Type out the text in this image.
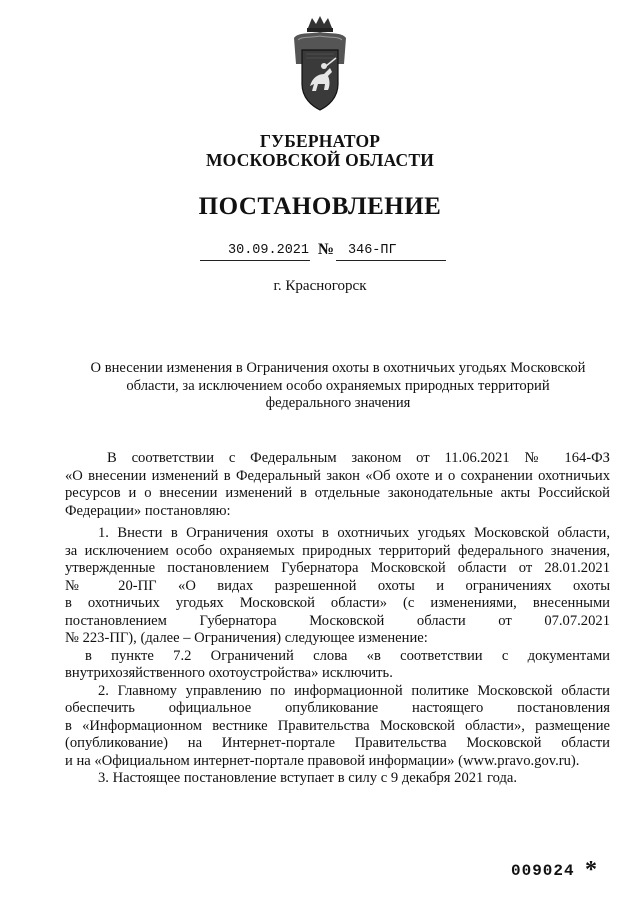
ГУБЕРНАТОР
МОСКОВСКОЙ ОБЛАСТИ
ПОСТАНОВЛЕНИЕ
30.09.2021 № 346-ПГ
г. Красногорск
О внесении изменения в Ограничения охоты в охотничьих угодьях Московской
области, за исключением особо охраняемых природных территорий
федерального значения
В соответствии с Федеральным законом от 11.06.2021 № 164-ФЗ
«О внесении изменений в Федеральный закон «Об охоте и о сохранении охотничьих
ресурсов и о внесении изменений в отдельные законодательные акты Российской
Федерации» постановляю:
1. Внести в Ограничения охоты в охотничьих угодьях Московской области,
за исключением особо охраняемых природных территорий федерального значения,
утвержденные постановлением Губернатора Московской области от 28.01.2021
№ 20-ПГ «О видах разрешенной охоты и ограничениях охоты
в охотничьих угодьях Московской области» (с изменениями, внесенными
постановлением Губернатора Московской области от 07.07.2021
№ 223-ПГ), (далее – Ограничения) следующее изменение:
в пункте 7.2 Ограничений слова «в соответствии с документами
внутрихозяйственного охотоустройства» исключить.
2. Главному управлению по информационной политике Московской области
обеспечить официальное опубликование настоящего постановления
в «Информационном вестнике Правительства Московской области», размещение
(опубликование) на Интернет-портале Правительства Московской области
и на «Официальном интернет-портале правовой информации» (www.pravo.gov.ru).
3. Настоящее постановление вступает в силу с 9 декабря 2021 года.
009024 *
